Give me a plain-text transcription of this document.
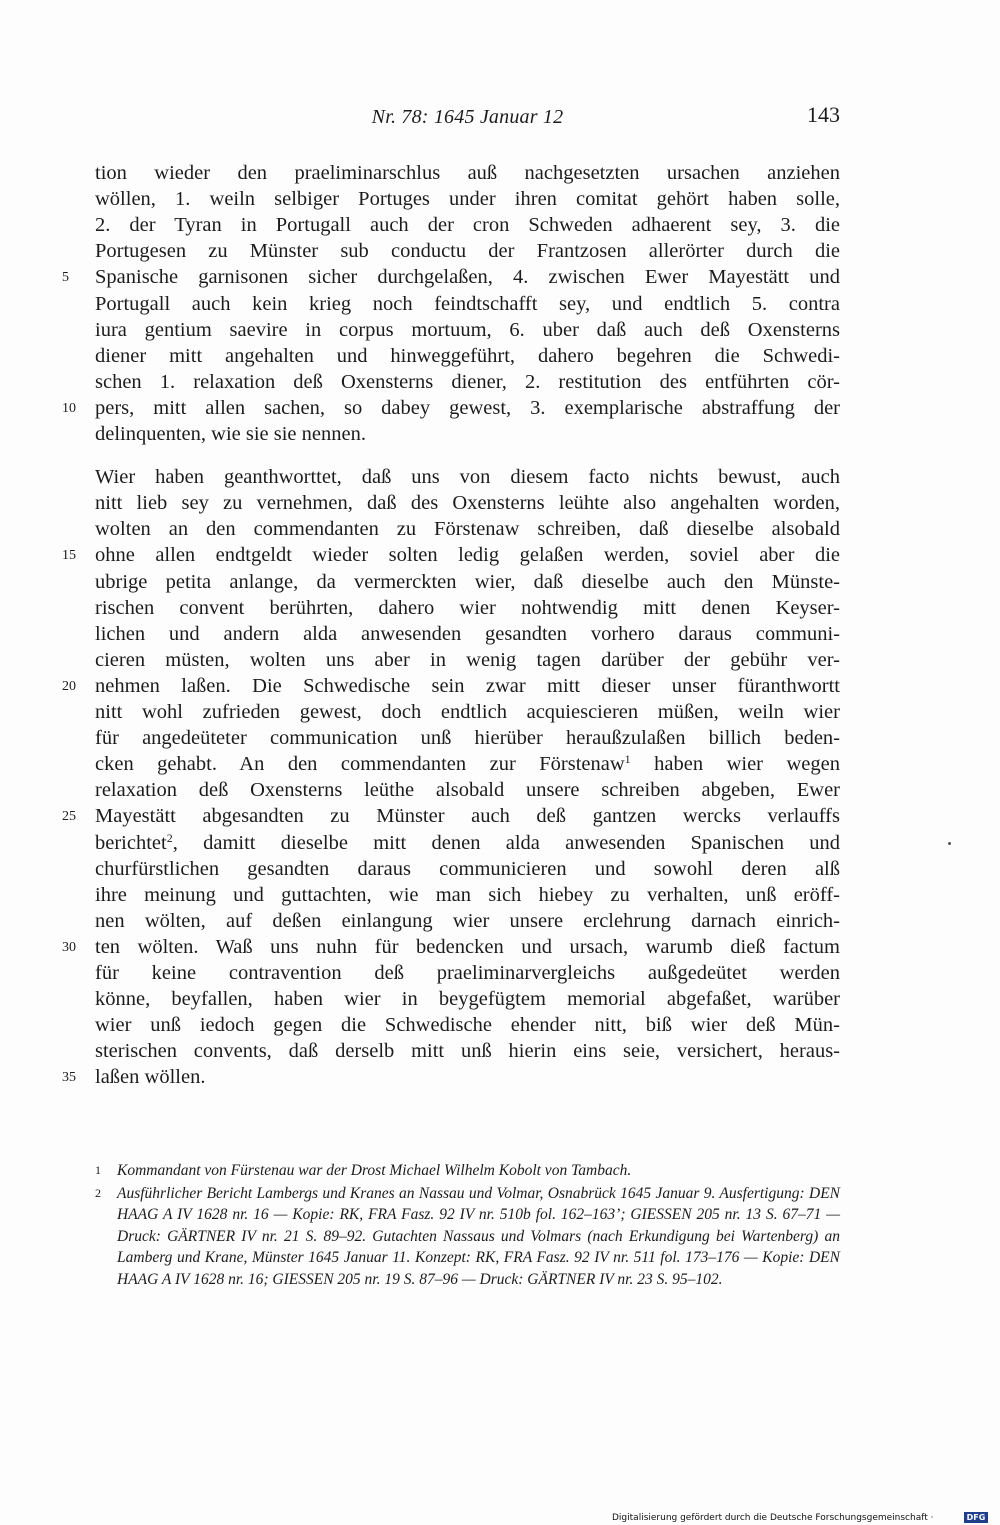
Nr. 78: 1645 Januar 12	143
tion wieder den praeliminarschlus auß nachgesetzten ursachen anziehen
wöllen, 1. weiln selbiger Portuges under ihren comitat gehört haben solle,
2. der Tyran in Portugall auch der cron Schweden adhaerent sey, 3. die
Portugesen zu Münster sub conductu der Frantzosen allerörter durch die
Spanische garnisonen sicher durchgelaßen, 4. zwischen Ewer Mayestätt und
5
Portugall auch kein krieg noch feindtschafft sey, und endtlich 5. contra
iura gentium saevire in corpus mortuum, 6. uber daß auch deß Oxensterns
diener mitt angehalten und hinweggeführt, dahero begehren die Schwedi-
schen 1. relaxation deß Oxensterns diener, 2. restitution des entführten cör-
pers, mitt allen sachen, so dabey gewest, 3. exemplarische abstraffung der
10
delinquenten, wie sie sie nennen.
Wier haben geanthworttet, daß uns von diesem facto nichts bewust, auch
nitt lieb sey zu vernehmen, daß des Oxensterns leühte also angehalten worden,
wolten an den commendanten zu Förstenaw schreiben, daß dieselbe alsobald
ohne allen endtgeldt wieder solten ledig gelaßen werden, soviel aber die
15
ubrige petita anlange, da vermerckten wier, daß dieselbe auch den Münste-
rischen convent berührten, dahero wier nohtwendig mitt denen Keyser-
lichen und andern alda anwesenden gesandten vorhero daraus communi-
cieren müsten, wolten uns aber in wenig tagen darüber der gebühr ver-
nehmen laßen. Die Schwedische sein zwar mitt dieser unser füranthwortt
20
nitt wohl zufrieden gewest, doch endtlich acquiescieren müßen, weiln wier
für angedeüteter communication unß hierüber heraußzulaßen billich beden-
cken gehabt. An den commendanten zur Förstenaw$^1$ haben wier wegen
relaxation deß Oxensterns leüthe alsobald unsere schreiben abgeben, Ewer
Mayestätt abgesandten zu Münster auch deß gantzen wercks verlauffs
25
berichtet$^2$, damitt dieselbe mitt denen alda anwesenden Spanischen und
churfürstlichen gesandten daraus communicieren und sowohl deren alß
ihre meinung und guttachten, wie man sich hiebey zu verhalten, unß eröff-
nen wölten, auf deßen einlangung wier unsere erclehrung darnach einrich-
ten wölten. Waß uns nuhn für bedencken und ursach, warumb dieß factum
30
für keine contravention deß praeliminarvergleichs außgedeütet werden
könne, beyfallen, haben wier in beygefügtem memorial abgefaßet, warüber
wier unß iedoch gegen die Schwedische ehender nitt, biß wier deß Mün-
sterischen convents, daß derselb mitt unß hierin eins seie, versichert, heraus-
laßen wöllen.
35
1 Kommandant von Fürstenau war der Drost Michael Wilhelm Kobolt von Tambach.
2 Ausführlicher Bericht Lambergs und Kranes an Nassau und Volmar, Osnabrück 1645 Januar 9. Ausfertigung: DEN HAAG A IV 1628 nr. 16 — Kopie: RK, FRA Fasz. 92 IV nr. 510b fol. 162–163’; GIESSEN 205 nr. 13 S. 67–71 — Druck: GÄRTNER IV nr. 21 S. 89–92. Gutachten Nassaus und Volmars (nach Erkundigung bei Wartenberg) an Lamberg und Krane, Münster 1645 Januar 11. Konzept: RK, FRA Fasz. 92 IV nr. 511 fol. 173–176 — Kopie: DEN HAAG A IV 1628 nr. 16; GIESSEN 205 nr. 19 S. 87–96 — Druck: GÄRTNER IV nr. 23 S. 95–102.
Digitalisierung gefördert durch die Deutsche Forschungsgemeinschaft ·	DFG
